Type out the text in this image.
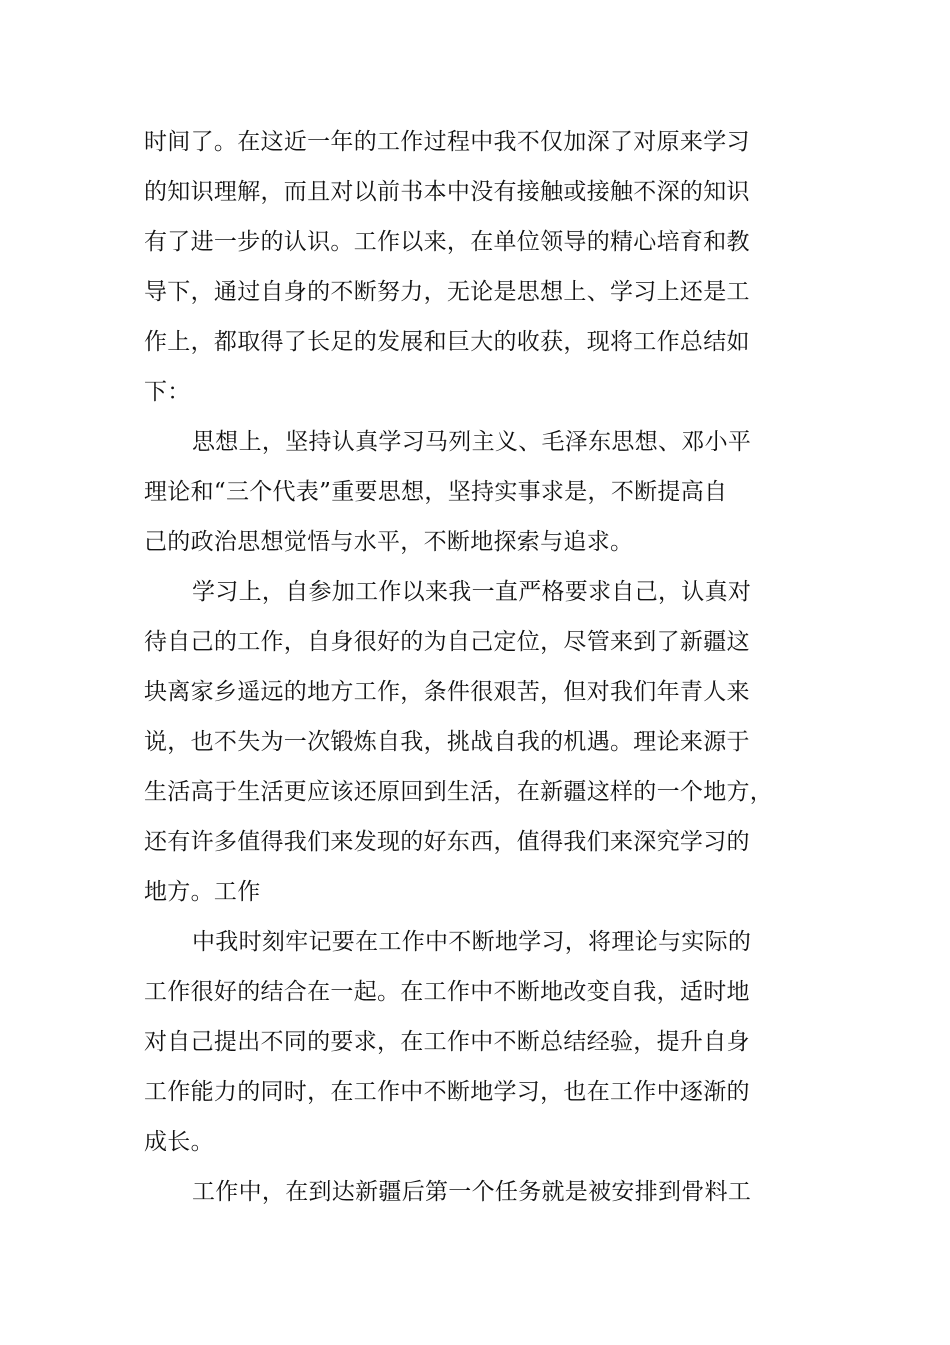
时间了。在这近一年的工作过程中我不仅加深了对原来学习
的知识理解，而且对以前书本中没有接触或接触不深的知识
有了进一步的认识。工作以来，在单位领导的精心培育和教
导下，通过自身的不断努力，无论是思想上、学习上还是工
作上，都取得了长足的发展和巨大的收获，现将工作总结如
下：
思想上，坚持认真学习马列主义、毛泽东思想、邓小平
理论和“三个代表”重要思想，坚持实事求是，不断提高自
己的政治思想觉悟与水平，不断地探索与追求。
学习上，自参加工作以来我一直严格要求自己，认真对
待自己的工作，自身很好的为自己定位，尽管来到了新疆这
块离家乡遥远的地方工作，条件很艰苦，但对我们年青人来
说，也不失为一次锻炼自我，挑战自我的机遇。理论来源于
生活高于生活更应该还原回到生活，在新疆这样的一个地方，
还有许多值得我们来发现的好东西，值得我们来深究学习的
地方。工作
中我时刻牢记要在工作中不断地学习，将理论与实际的
工作很好的结合在一起。在工作中不断地改变自我，适时地
对自己提出不同的要求，在工作中不断总结经验，提升自身
工作能力的同时，在工作中不断地学习，也在工作中逐渐的
成长。
工作中，在到达新疆后第一个任务就是被安排到骨料工
